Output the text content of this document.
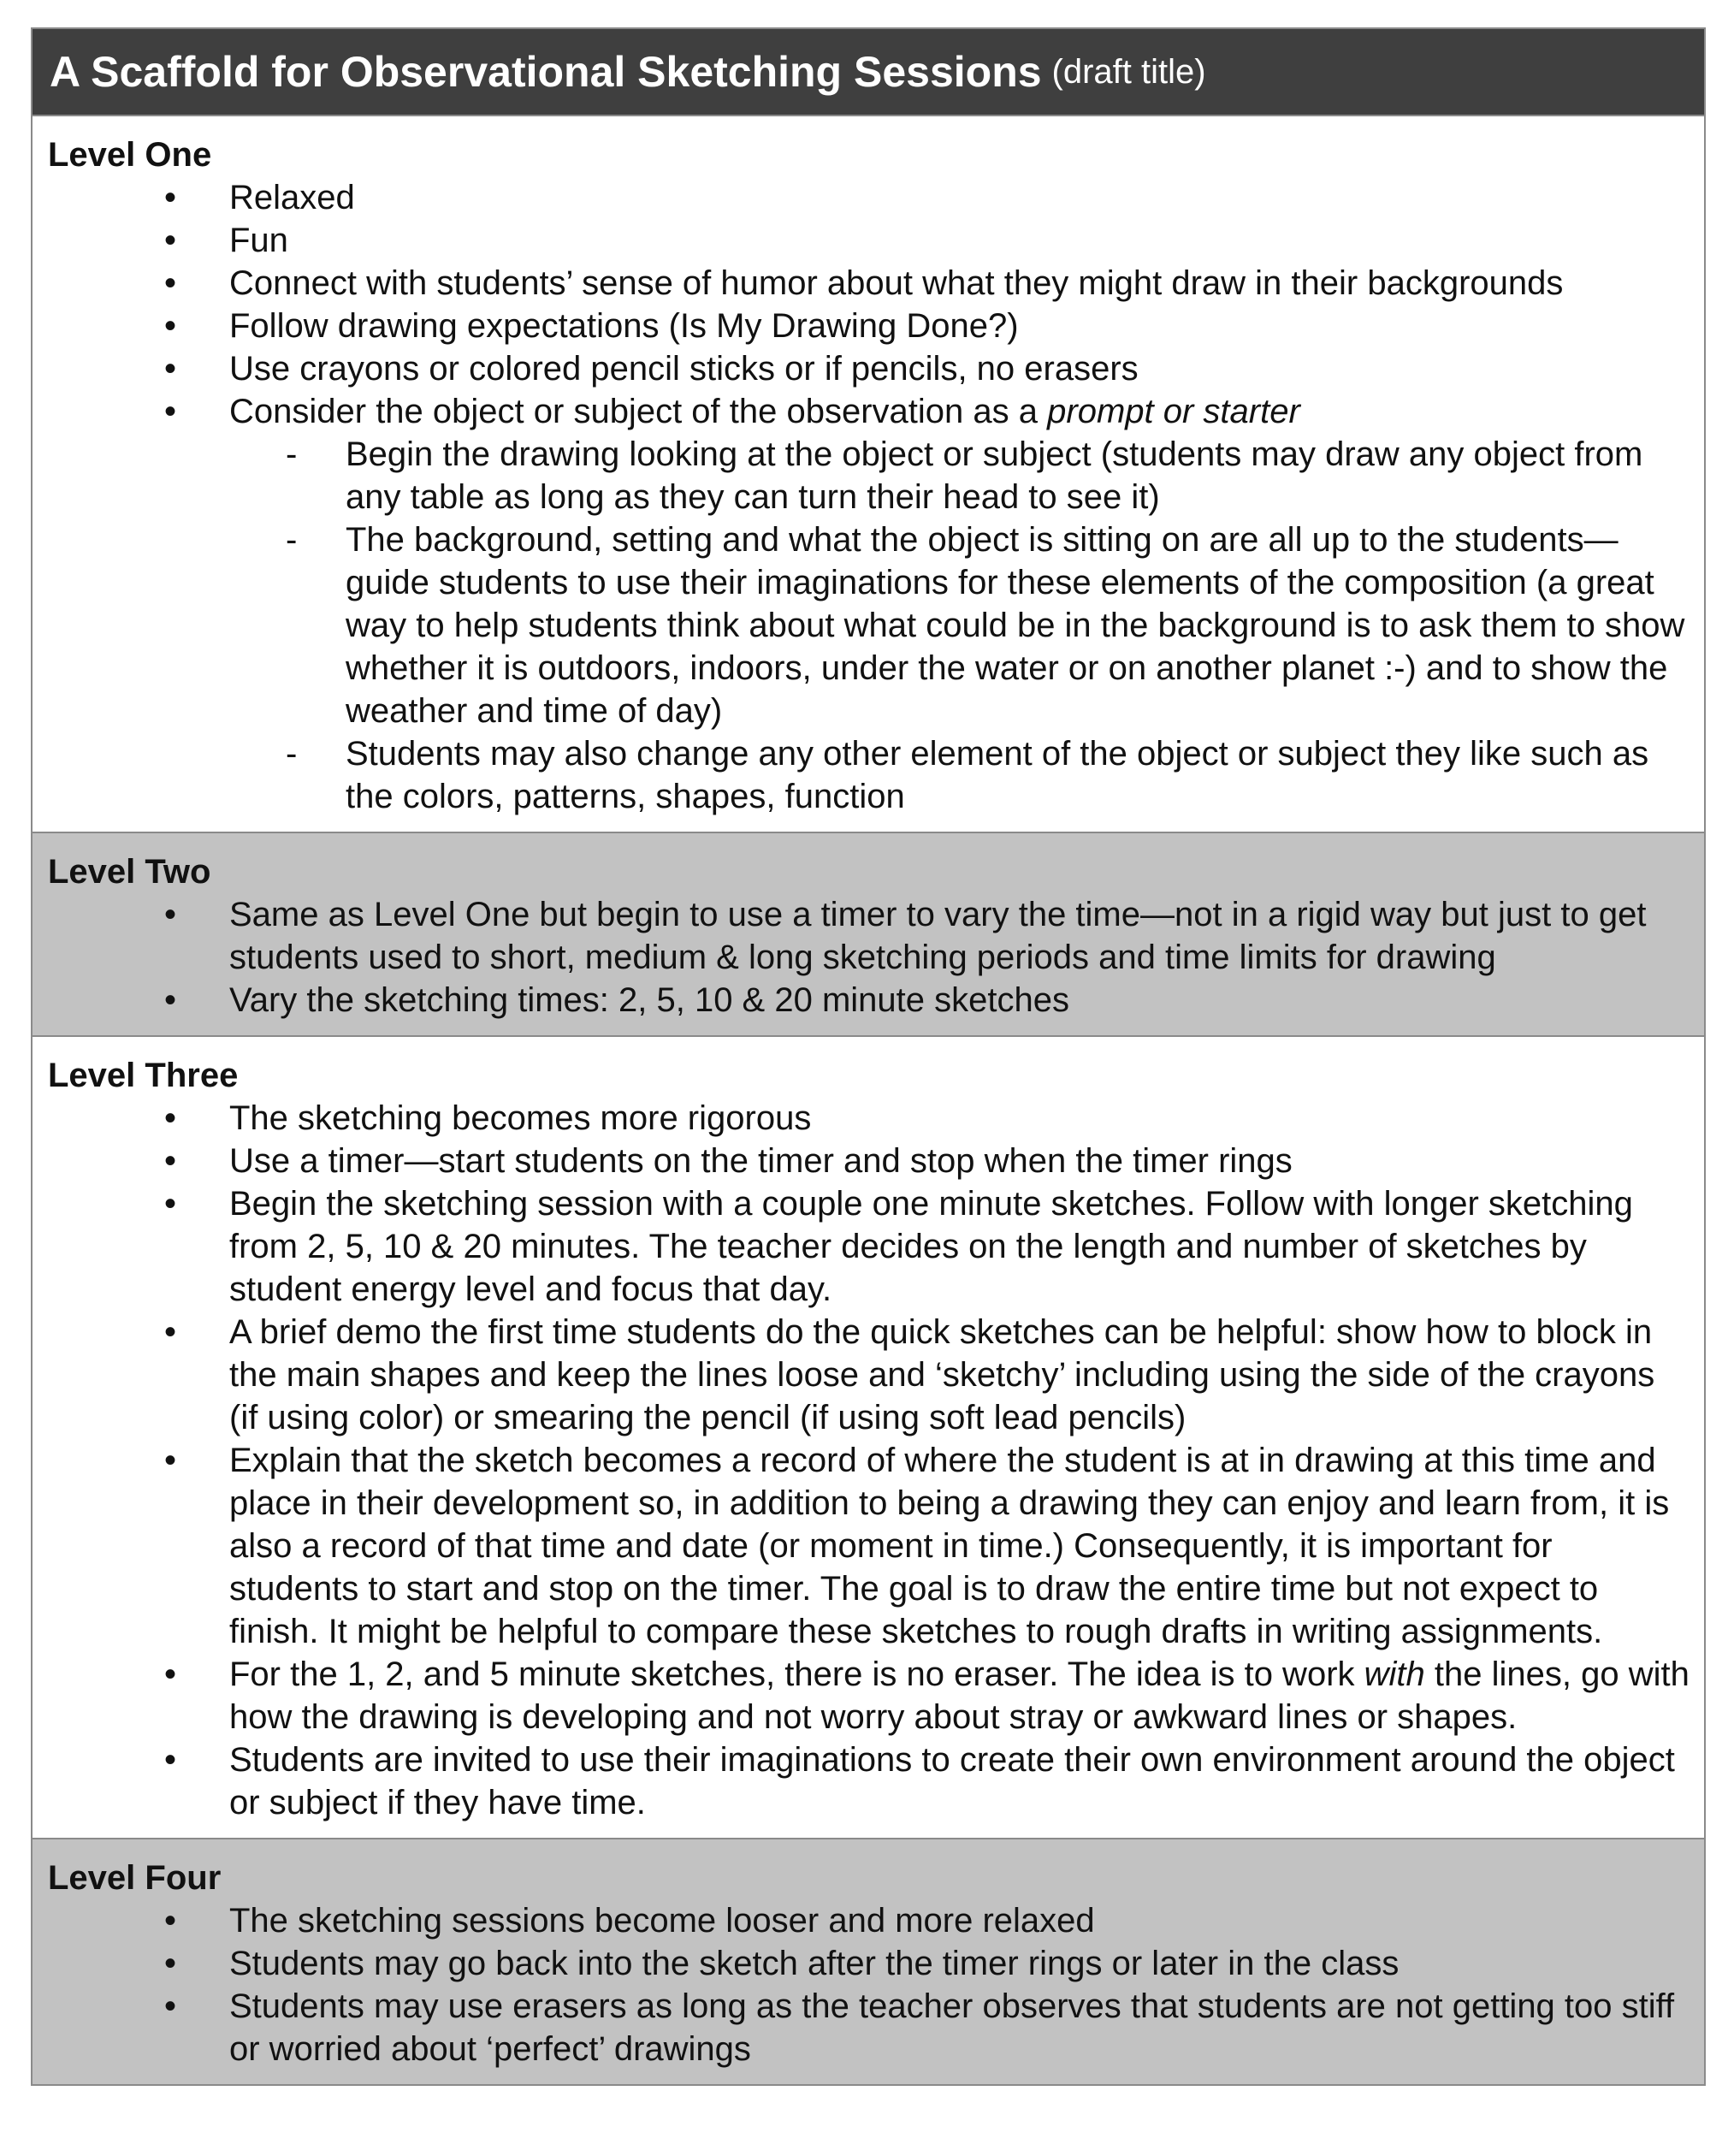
A Scaffold for Observational Sketching Sessions (draft title)
Level One
• Relaxed
• Fun
• Connect with students’ sense of humor about what they might draw in their backgrounds
• Follow drawing expectations (Is My Drawing Done?)
• Use crayons or colored pencil sticks or if pencils, no erasers
• Consider the object or subject of the observation as a prompt or starter
- Begin the drawing looking at the object or subject (students may draw any object from any table as long as they can turn their head to see it)
- The background, setting and what the object is sitting on are all up to the students—guide students to use their imaginations for these elements of the composition (a great way to help students think about what could be in the background is to ask them to show whether it is outdoors, indoors, under the water or on another planet :-) and to show the weather and time of day)
- Students may also change any other element of the object or subject they like such as the colors, patterns, shapes, function
Level Two
• Same as Level One but begin to use a timer to vary the time—not in a rigid way but just to get students used to short, medium & long sketching periods and time limits for drawing
• Vary the sketching times: 2, 5, 10 & 20 minute sketches
Level Three
• The sketching becomes more rigorous
• Use a timer—start students on the timer and stop when the timer rings
• Begin the sketching session with a couple one minute sketches. Follow with longer sketching from 2, 5, 10 & 20 minutes. The teacher decides on the length and number of sketches by student energy level and focus that day.
• A brief demo the first time students do the quick sketches can be helpful: show how to block in the main shapes and keep the lines loose and ‘sketchy’ including using the side of the crayons (if using color) or smearing the pencil (if using soft lead pencils)
• Explain that the sketch becomes a record of where the student is at in drawing at this time and place in their development so, in addition to being a drawing they can enjoy and learn from, it is also a record of that time and date (or moment in time.) Consequently, it is important for students to start and stop on the timer. The goal is to draw the entire time but not expect to finish. It might be helpful to compare these sketches to rough drafts in writing assignments.
• For the 1, 2, and 5 minute sketches, there is no eraser. The idea is to work with the lines, go with how the drawing is developing and not worry about stray or awkward lines or shapes.
• Students are invited to use their imaginations to create their own environment around the object or subject if they have time.
Level Four
• The sketching sessions become looser and more relaxed
• Students may go back into the sketch after the timer rings or later in the class
• Students may use erasers as long as the teacher observes that students are not getting too stiff or worried about ‘perfect’ drawings
